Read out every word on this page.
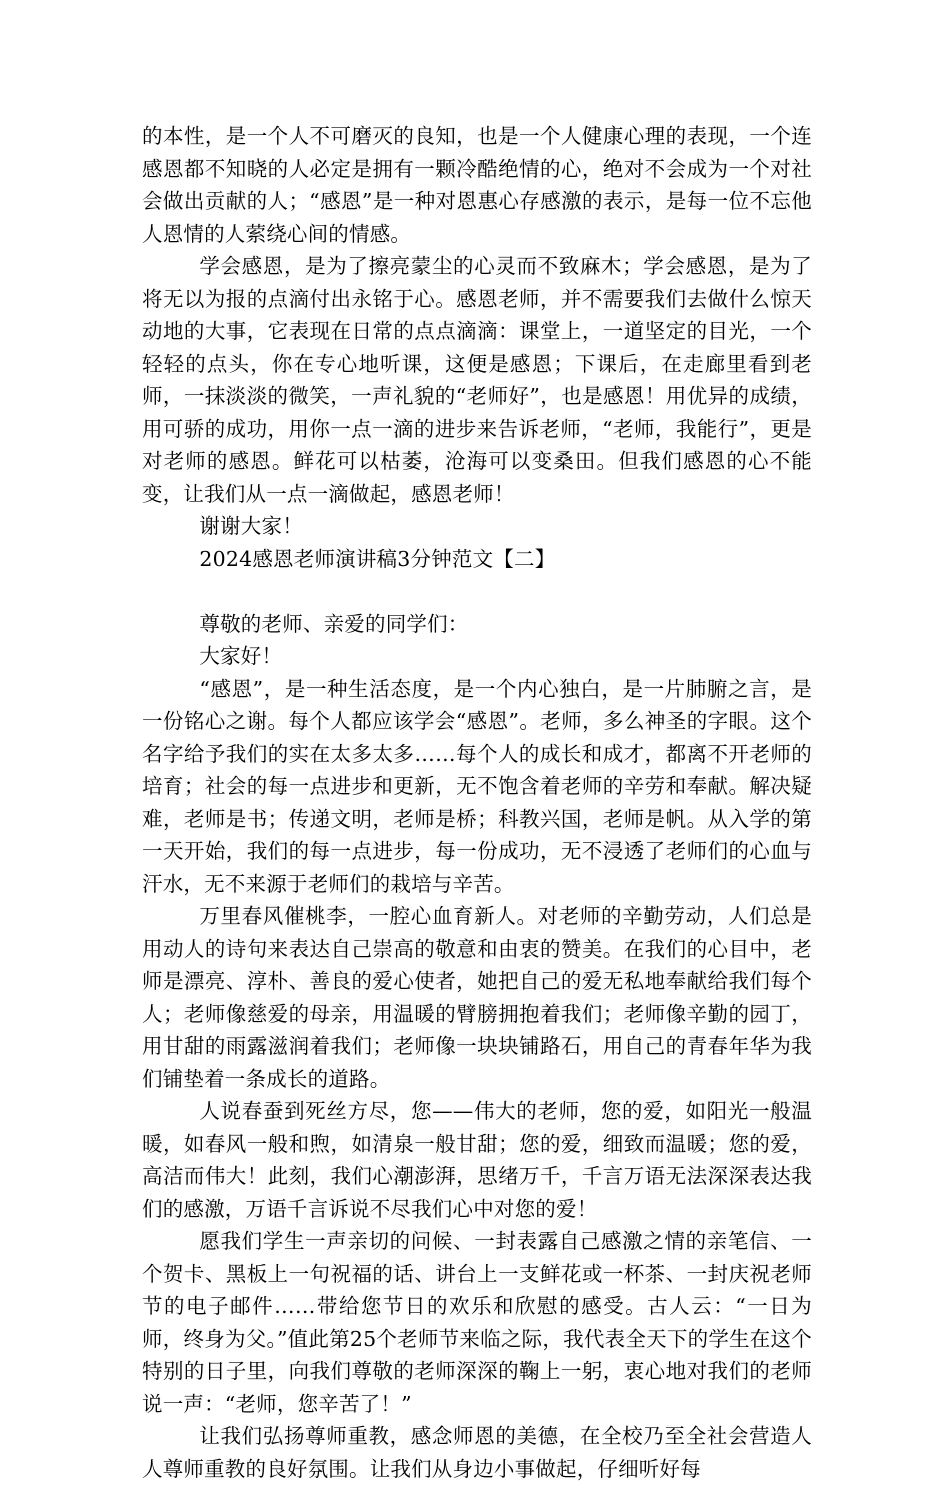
的本性，是一个人不可磨灭的良知，也是一个人健康心理的表现，一个连感恩都不知晓的人必定是拥有一颗冷酷绝情的心，绝对不会成为一个对社会做出贡献的人；“感恩”是一种对恩惠心存感激的表示，是每一位不忘他人恩情的人萦绕心间的情感。

学会感恩，是为了擦亮蒙尘的心灵而不致麻木；学会感恩，是为了将无以为报的点滴付出永铭于心。感恩老师，并不需要我们去做什么惊天动地的大事，它表现在日常的点点滴滴：课堂上，一道坚定的目光，一个轻轻的点头，你在专心地听课，这便是感恩；下课后，在走廊里看到老师，一抹淡淡的微笑，一声礼貌的“老师好”，也是感恩！用优异的成绩，用可骄的成功，用你一点一滴的进步来告诉老师，“老师，我能行”，更是对老师的感恩。鲜花可以枯萎，沧海可以变桑田。但我们感恩的心不能变，让我们从一点一滴做起，感恩老师！

谢谢大家！

2024感恩老师演讲稿3分钟范文【二】

尊敬的老师、亲爱的同学们：

大家好！

“感恩”，是一种生活态度，是一个内心独白，是一片肺腑之言，是一份铭心之谢。每个人都应该学会“感恩”。老师，多么神圣的字眼。这个名字给予我们的实在太多太多……每个人的成长和成才，都离不开老师的培育；社会的每一点进步和更新，无不饱含着老师的辛劳和奉献。解决疑难，老师是书；传递文明，老师是桥；科教兴国，老师是帆。从入学的第一天开始，我们的每一点进步，每一份成功，无不浸透了老师们的心血与汗水，无不来源于老师们的栽培与辛苦。

万里春风催桃李，一腔心血育新人。对老师的辛勤劳动，人们总是用动人的诗句来表达自己崇高的敬意和由衷的赞美。在我们的心目中，老师是漂亮、淳朴、善良的爱心使者，她把自己的爱无私地奉献给我们每个人；老师像慈爱的母亲，用温暖的臂膀拥抱着我们；老师像辛勤的园丁，用甘甜的雨露滋润着我们；老师像一块块铺路石，用自己的青春年华为我们铺垫着一条成长的道路。

人说春蚕到死丝方尽，您——伟大的老师，您的爱，如阳光一般温暖，如春风一般和煦，如清泉一般甘甜；您的爱，细致而温暖；您的爱，高洁而伟大！此刻，我们心潮澎湃，思绪万千，千言万语无法深深表达我们的感激，万语千言诉说不尽我们心中对您的爱！

愿我们学生一声亲切的问候、一封表露自己感激之情的亲笔信、一个贺卡、黑板上一句祝福的话、讲台上一支鲜花或一杯茶、一封庆祝老师节的电子邮件……带给您节日的欢乐和欣慰的感受。古人云：“一日为师，终身为父。”值此第25个老师节来临之际，我代表全天下的学生在这个特别的日子里，向我们尊敬的老师深深的鞠上一躬，衷心地对我们的老师说一声：“老师，您辛苦了！”

让我们弘扬尊师重教，感念师恩的美德，在全校乃至全社会营造人人尊师重教的良好氛围。让我们从身边小事做起，仔细听好每
